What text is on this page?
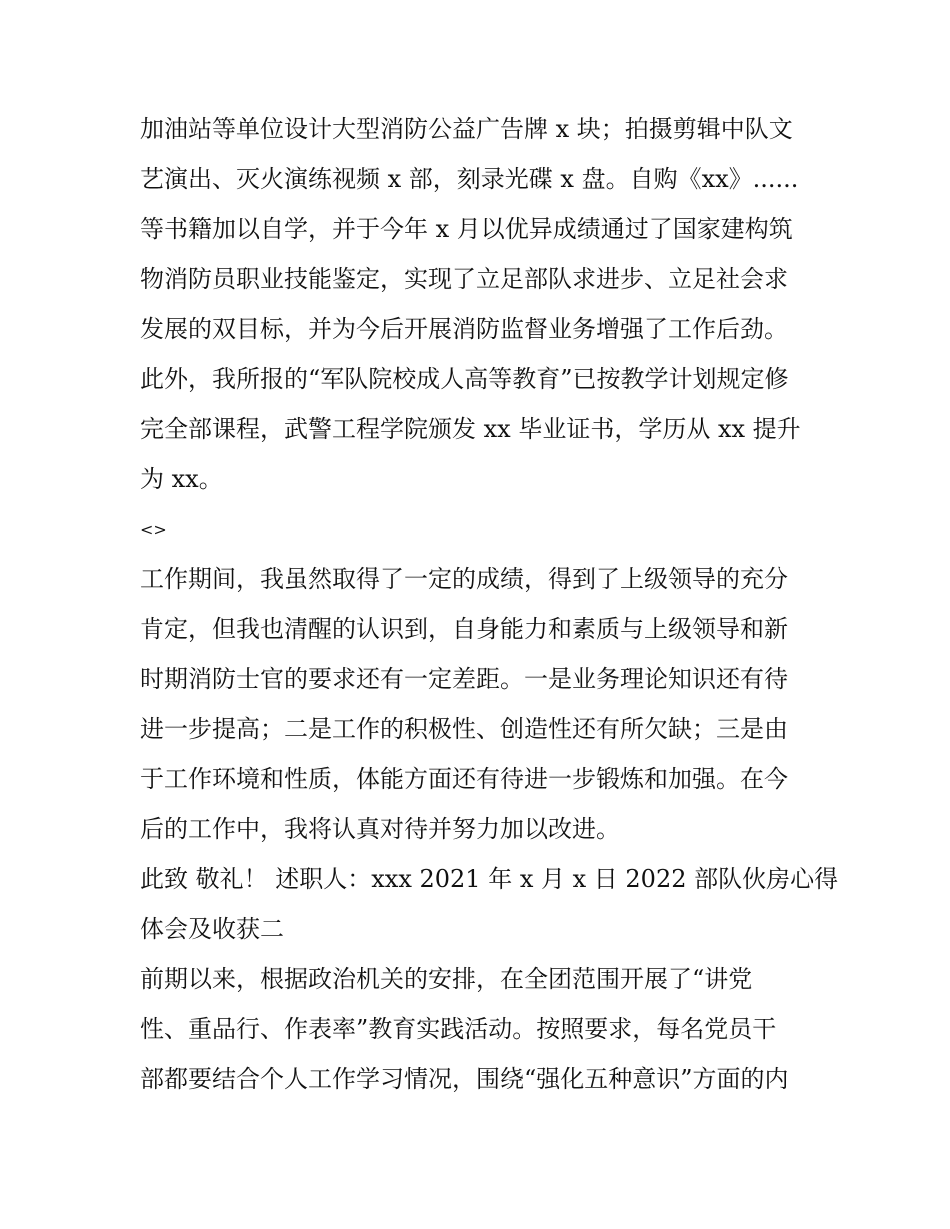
加油站等单位设计大型消防公益广告牌 x 块；拍摄剪辑中队文
艺演出、灭火演练视频 x 部，刻录光碟 x 盘。自购《xx》......
等书籍加以自学，并于今年 x 月以优异成绩通过了国家建构筑
物消防员职业技能鉴定，实现了立足部队求进步、立足社会求
发展的双目标，并为今后开展消防监督业务增强了工作后劲。
此外，我所报的“军队院校成人高等教育”已按教学计划规定修
完全部课程，武警工程学院颁发 xx 毕业证书，学历从 xx 提升
为 xx。
<>
工作期间，我虽然取得了一定的成绩，得到了上级领导的充分
肯定，但我也清醒的认识到，自身能力和素质与上级领导和新
时期消防士官的要求还有一定差距。一是业务理论知识还有待
进一步提高；二是工作的积极性、创造性还有所欠缺；三是由
于工作环境和性质，体能方面还有待进一步锻炼和加强。在今
后的工作中，我将认真对待并努力加以改进。
此致 敬礼！ 述职人：xxx 2021 年 x 月 x 日 2022 部队伙房心得
体会及收获二
前期以来，根据政治机关的安排，在全团范围开展了“讲党
性、重品行、作表率”教育实践活动。按照要求，每名党员干
部都要结合个人工作学习情况，围绕“强化五种意识”方面的内
